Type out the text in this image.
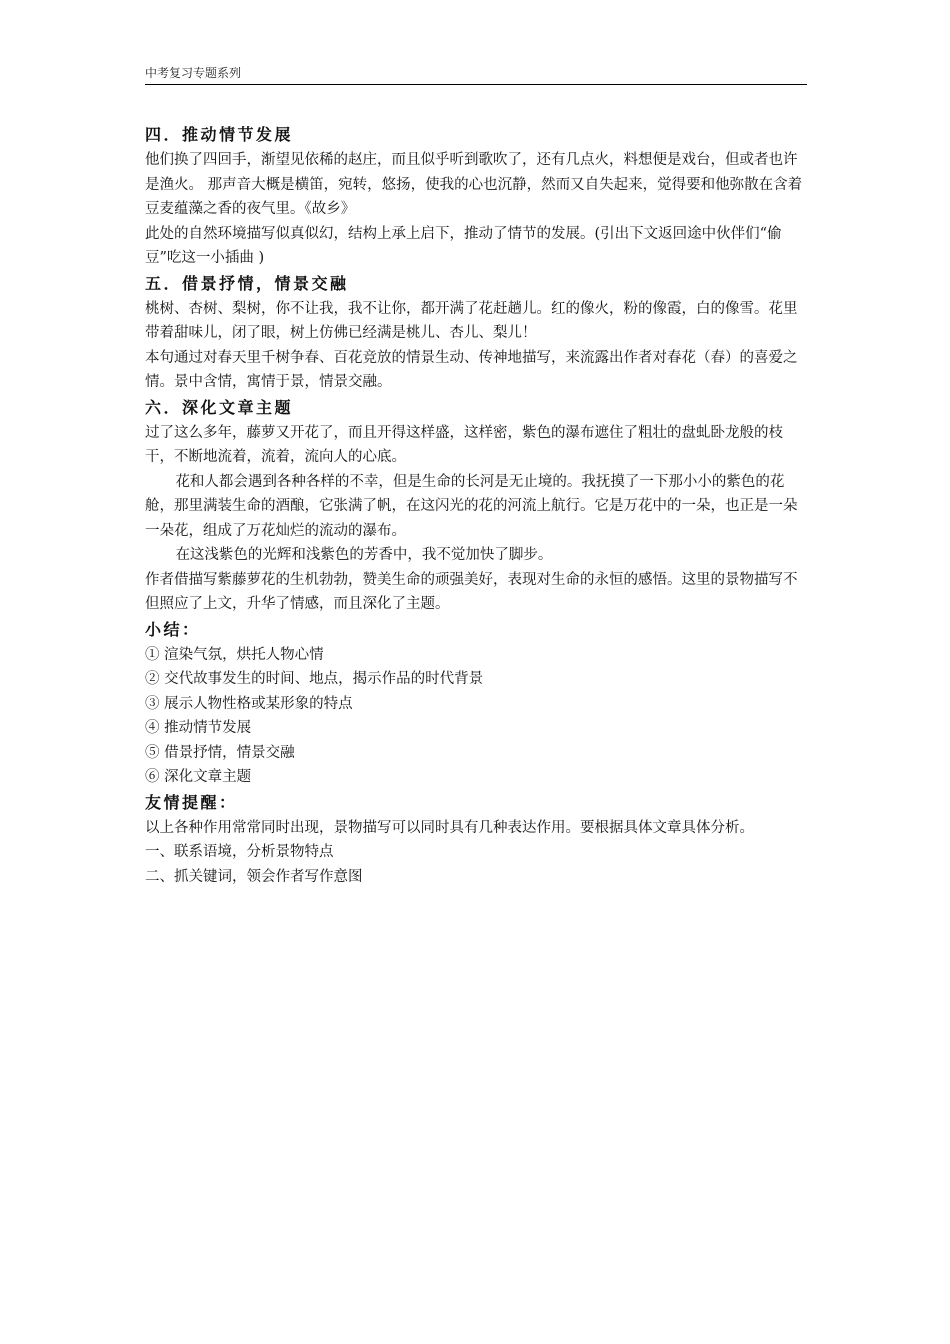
中考复习专题系列
四．推动情节发展

他们换了四回手，渐望见依稀的赵庄，而且似乎听到歌吹了，还有几点火，料想便是戏台，但或者也许是渔火。 那声音大概是横笛，宛转，悠扬，使我的心也沉静，然而又自失起来，觉得要和他弥散在含着豆麦蕴藻之香的夜气里。《故乡》

此处的自然环境描写似真似幻，结构上承上启下，推动了情节的发展。(引出下文返回途中伙伴们“偷豆”吃这一小插曲 )

五．借景抒情，情景交融

桃树、杏树、梨树，你不让我，我不让你，都开满了花赶趟儿。红的像火，粉的像霞，白的像雪。花里带着甜味儿，闭了眼，树上仿佛已经满是桃儿、杏儿、梨儿！

本句通过对春天里千树争春、百花竞放的情景生动、传神地描写，来流露出作者对春花（春）的喜爱之情。景中含情，寓情于景，情景交融。

六．深化文章主题

过了这么多年，藤萝又开花了，而且开得这样盛，这样密，紫色的瀑布遮住了粗壮的盘虬卧龙般的枝干，不断地流着，流着，流向人的心底。

花和人都会遇到各种各样的不幸，但是生命的长河是无止境的。我抚摸了一下那小小的紫色的花舱，那里满装生命的酒酿，它张满了帆，在这闪光的花的河流上航行。它是万花中的一朵，也正是一朵一朵花，组成了万花灿烂的流动的瀑布。

在这浅紫色的光辉和浅紫色的芳香中，我不觉加快了脚步。

作者借描写紫藤萝花的生机勃勃，赞美生命的顽强美好，表现对生命的永恒的感悟。这里的景物描写不但照应了上文，升华了情感，而且深化了主题。

小结：

① 渲染气氛，烘托人物心情

② 交代故事发生的时间、地点，揭示作品的时代背景

③ 展示人物性格或某形象的特点

④ 推动情节发展

⑤ 借景抒情，情景交融

⑥ 深化文章主题

友情提醒：

以上各种作用常常同时出现，景物描写可以同时具有几种表达作用。要根据具体文章具体分析。

一、联系语境，分析景物特点

二、抓关键词，领会作者写作意图
